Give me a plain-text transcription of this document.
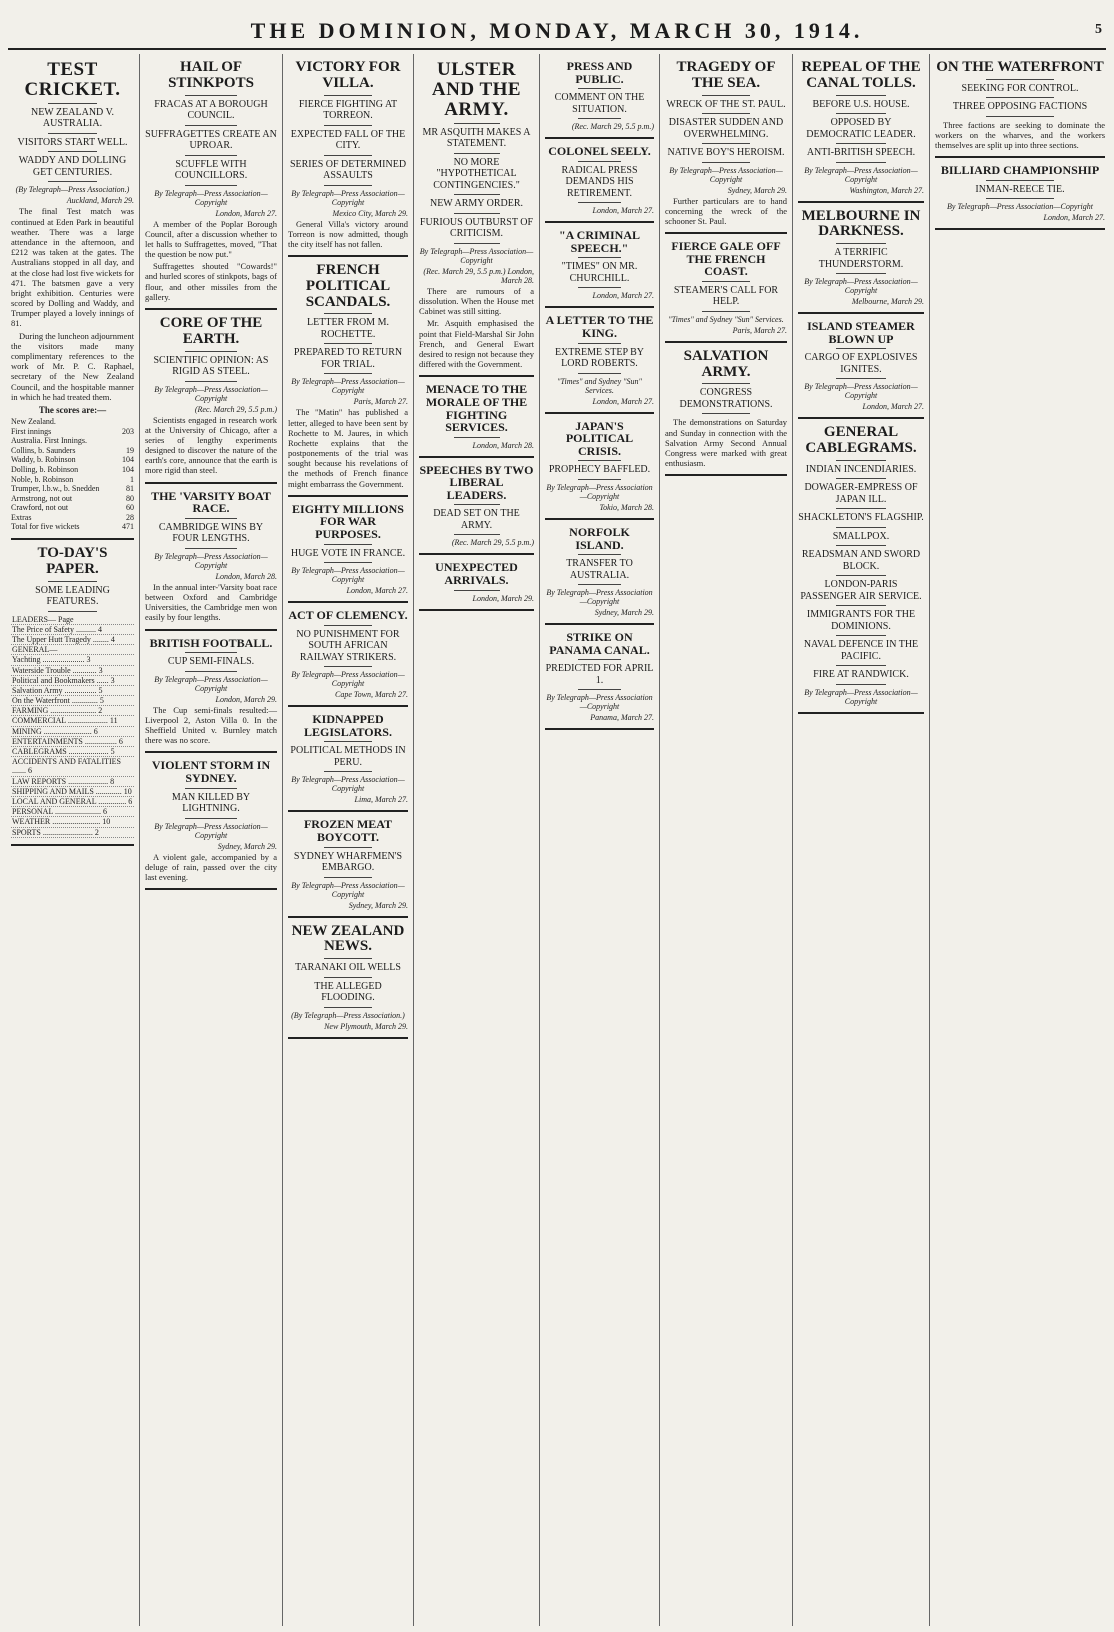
THE DOMINION, MONDAY, MARCH 30, 1914.	5
TEST CRICKET.
NEW ZEALAND V. AUSTRALIA.
VISITORS START WELL.
WADDY AND DOLLING GET CENTURIES.
(By Telegraph—Press Association.)
Auckland, March 29.

The final Test match was continued at Eden Park in beautiful weather. There was a large attendance in the afternoon, and £212 was taken at the gates. The Australians stopped in all day, and at the close had lost five wickets for 471. The batsmen gave a very bright exhibition. Centuries were scored by Dolling and Waddy, and Trumper played a lovely innings of 81.

During the luncheon adjournment the visitors made many complimentary references to the work of Mr. P. C. Raphael, secretary of the New Zealand Council, and the hospitable manner in which he had treated them.

The scores are:—
New Zealand.
First innings	203
Australia. First Innings.
Collins, b. Saunders	19
Waddy, b. Robinson	104
Dolling, b. Robinson	104
Noble, b. Robinson	1
Trumper, l.b.w., b. Snedden	81
Armstrong, not out	80
Crawford, not out	60
Extras	28
Total for five wickets	471
TO-DAY'S PAPER.
SOME LEADING FEATURES.
LEADERS— Page
The Price of Safety .......... 4
The Upper Hutt Tragedy ........ 4
GENERAL—
Yachting ..................... 3
Waterside Trouble ............ 3
Political and Bookmakers ...... 3
Salvation Army ................ 5
On the Waterfront ............. 5
FARMING ....................... 2
COMMERCIAL .................... 11
MINING ........................ 6
ENTERTAINMENTS ................ 6
CABLEGRAMS .................... 5
ACCIDENTS AND FATALITIES ....... 6
LAW REPORTS .................... 8
SHIPPING AND MAILS ............. 10
LOCAL AND GENERAL .............. 6
PERSONAL ....................... 6
WEATHER ........................ 10
SPORTS ......................... 2
HAIL OF STINKPOTS
FRACAS AT A BOROUGH COUNCIL.
SUFFRAGETTES CREATE AN UPROAR.
SCUFFLE WITH COUNCILLORS.
By Telegraph—Press Association—Copyright
London, March 27.

A member of the Poplar Borough Council, after a discussion whether to let halls to Suffragettes, moved, "That the question be now put."

Suffragettes shouted "Cowards!" and hurled scores of stinkpots, bags of flour, and other missiles from the gallery.

CORE OF THE EARTH.
SCIENTIFIC OPINION: AS RIGID AS STEEL.
By Telegraph—Press Association—Copyright
(Rec. March 29, 5.5 p.m.)

Scientists engaged in research work at the University of Chicago, after a series of lengthy experiments designed to discover the nature of the earth's core, announce that the earth is more rigid than steel.

THE 'VARSITY BOAT RACE.
CAMBRIDGE WINS BY FOUR LENGTHS.
By Telegraph—Press Association—Copyright
London, March 28.

In the annual inter-'Varsity boat race between Oxford and Cambridge Universities, the Cambridge men won easily by four lengths.

BRITISH FOOTBALL.
CUP SEMI-FINALS.
By Telegraph—Press Association—Copyright
London, March 29.

The Cup semi-finals resulted:— Liverpool 2, Aston Villa 0. In the Sheffield United v. Burnley match there was no score.

VIOLENT STORM IN SYDNEY.
MAN KILLED BY LIGHTNING.
By Telegraph—Press Association—Copyright
Sydney, March 29.

A violent gale, accompanied by a deluge of rain, passed over the city last evening.

VICTORY FOR VILLA.
FIERCE FIGHTING AT TORREON.
EXPECTED FALL OF THE CITY.
SERIES OF DETERMINED ASSAULTS
By Telegraph—Press Association—Copyright
Mexico City, March 29.

General Villa's victory around Torreon is now admitted, though the city itself has not fallen.

FRENCH POLITICAL SCANDALS.
LETTER FROM M. ROCHETTE.
PREPARED TO RETURN FOR TRIAL.
By Telegraph—Press Association—Copyright
Paris, March 27.

The "Matin" has published a letter, alleged to have been sent by Rochette to M. Jaures, in which Rochette explains that the postponements of the trial was sought because his revelations of the methods of French finance might embarrass the Government.

EIGHTY MILLIONS FOR WAR PURPOSES.
HUGE VOTE IN FRANCE.
By Telegraph—Press Association—Copyright
London, March 27.
ACT OF CLEMENCY.
NO PUNISHMENT FOR SOUTH AFRICAN RAILWAY STRIKERS.
By Telegraph—Press Association—Copyright
Cape Town, March 27.
KIDNAPPED LEGISLATORS.
POLITICAL METHODS IN PERU.
By Telegraph—Press Association—Copyright
Lima, March 27.
FROZEN MEAT BOYCOTT.
SYDNEY WHARFMEN'S EMBARGO.
By Telegraph—Press Association—Copyright
Sydney, March 29.
NEW ZEALAND NEWS.
TARANAKI OIL WELLS
THE ALLEGED FLOODING.
(By Telegraph—Press Association.)
New Plymouth, March 29.
ULSTER AND THE ARMY.
MR ASQUITH MAKES A STATEMENT.
NO MORE "HYPOTHETICAL CONTINGENCIES."
NEW ARMY ORDER.
FURIOUS OUTBURST OF CRITICISM.
By Telegraph—Press Association—Copyright
(Rec. March 29, 5.5 p.m.) London, March 28.

There are rumours of a dissolution. When the House met Cabinet was still sitting.

Mr. Asquith emphasised the point that Field-Marshal Sir John French, and General Ewart desired to resign not because they differed with the Government.

MENACE TO THE MORALE OF THE FIGHTING SERVICES.
London, March 28.
SPEECHES BY TWO LIBERAL LEADERS.
DEAD SET ON THE ARMY.
(Rec. March 29, 5.5 p.m.)
UNEXPECTED ARRIVALS.
London, March 29.
PRESS AND PUBLIC.
COMMENT ON THE SITUATION.
(Rec. March 29, 5.5 p.m.)
COLONEL SEELY.
RADICAL PRESS DEMANDS HIS RETIREMENT.
London, March 27.
"A CRIMINAL SPEECH."
"TIMES" ON MR. CHURCHILL.
London, March 27.
A LETTER TO THE KING.
EXTREME STEP BY LORD ROBERTS.
"Times" and Sydney "Sun" Services.
London, March 27.
JAPAN'S POLITICAL CRISIS.
PROPHECY BAFFLED.
By Telegraph—Press Association—Copyright
Tokio, March 28.
NORFOLK ISLAND.
TRANSFER TO AUSTRALIA.
By Telegraph—Press Association—Copyright
Sydney, March 29.
STRIKE ON PANAMA CANAL.
PREDICTED FOR APRIL 1.
By Telegraph—Press Association—Copyright
Panama, March 27.
TRAGEDY OF THE SEA.
WRECK OF THE ST. PAUL.
DISASTER SUDDEN AND OVERWHELMING.
NATIVE BOY'S HEROISM.
By Telegraph—Press Association—Copyright
Sydney, March 29.

Further particulars are to hand concerning the wreck of the schooner St. Paul.

FIERCE GALE OFF THE FRENCH COAST.
STEAMER'S CALL FOR HELP.
"Times" and Sydney "Sun" Services.
Paris, March 27.
SALVATION ARMY.
CONGRESS DEMONSTRATIONS.

The demonstrations on Saturday and Sunday in connection with the Salvation Army Second Annual Congress were marked with great enthusiasm.

REPEAL OF THE CANAL TOLLS.
BEFORE U.S. HOUSE.
OPPOSED BY DEMOCRATIC LEADER.
ANTI-BRITISH SPEECH.
By Telegraph—Press Association—Copyright
Washington, March 27.
MELBOURNE IN DARKNESS.
A TERRIFIC THUNDERSTORM.
By Telegraph—Press Association—Copyright
Melbourne, March 29.
ISLAND STEAMER BLOWN UP
CARGO OF EXPLOSIVES IGNITES.
By Telegraph—Press Association—Copyright
London, March 27.
GENERAL CABLEGRAMS.
INDIAN INCENDIARIES.
DOWAGER-EMPRESS OF JAPAN ILL.
SHACKLETON'S FLAGSHIP.
SMALLPOX.
READSMAN AND SWORD BLOCK.
LONDON-PARIS PASSENGER AIR SERVICE.
IMMIGRANTS FOR THE DOMINIONS.
NAVAL DEFENCE IN THE PACIFIC.
FIRE AT RANDWICK.
By Telegraph—Press Association—Copyright
ON THE WATERFRONT
SEEKING FOR CONTROL.
THREE OPPOSING FACTIONS

Three factions are seeking to dominate the workers on the wharves, and the workers themselves are split up into three sections.

BILLIARD CHAMPIONSHIP
INMAN-REECE TIE.
By Telegraph—Press Association—Copyright
London, March 27.
